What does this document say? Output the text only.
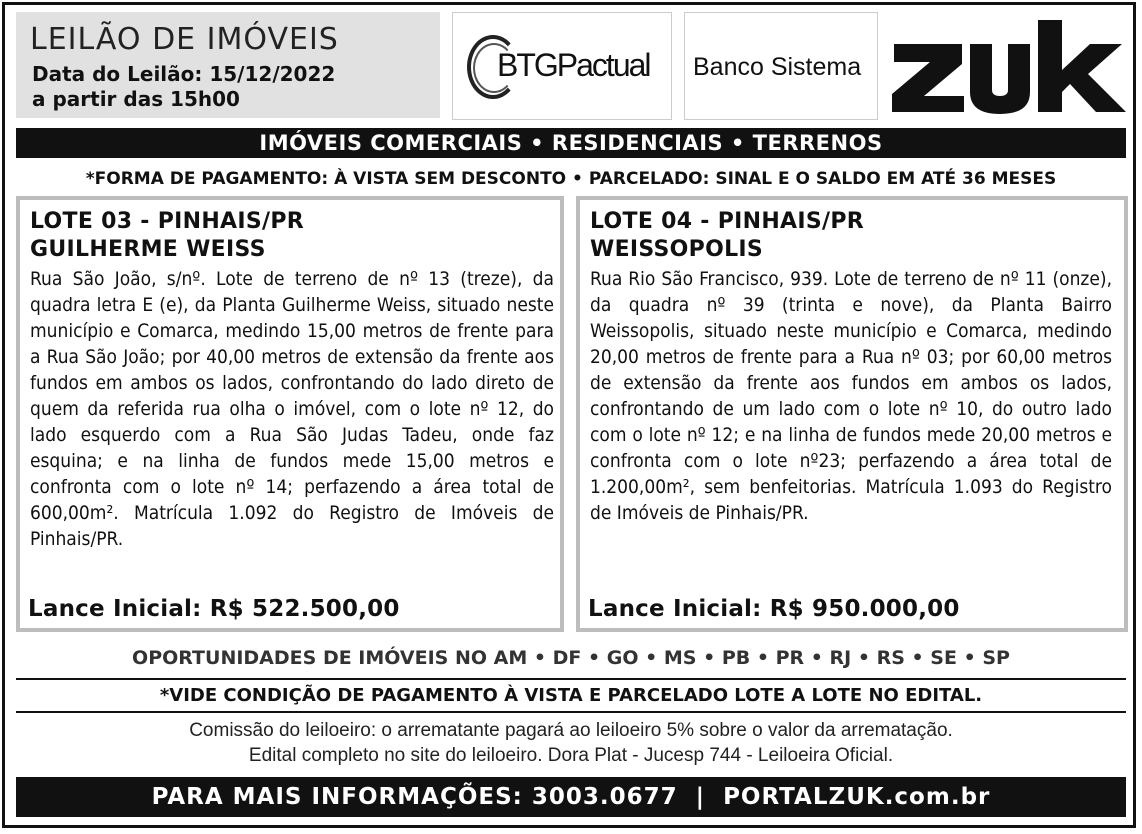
LEILÃO DE IMÓVEIS
Data do Leilão: 15/12/2022
a partir das 15h00
BTGPactual Banco Sistema
IMÓVEIS COMERCIAIS • RESIDENCIAIS • TERRENOS
*FORMA DE PAGAMENTO: À VISTA SEM DESCONTO • PARCELADO: SINAL E O SALDO EM ATÉ 36 MESES
LOTE 03 - PINHAIS/PR
GUILHERME WEISS

Rua São João, s/nº. Lote de terreno de nº 13 (treze), da quadra letra E (e), da Planta Guilherme Weiss, situado neste município e Comarca, medindo 15,00 metros de frente para a Rua São João; por 40,00 metros de extensão da frente aos fundos em ambos os lados, confrontando do lado direto de quem da referida rua olha o imóvel, com o lote nº 12, do lado esquerdo com a Rua São Judas Tadeu, onde faz esquina; e na linha de fundos mede 15,00 metros e confronta com o lote nº 14; perfazendo a área total de 600,00m². Matrícula 1.092 do Registro de Imóveis de Pinhais/PR.

Lance Inicial: R$ 522.500,00
LOTE 04 - PINHAIS/PR
WEISSOPOLIS

Rua Rio São Francisco, 939. Lote de terreno de nº 11 (onze), da quadra nº 39 (trinta e nove), da Planta Bairro Weissopolis, situado neste município e Comarca, medindo 20,00 metros de frente para a Rua nº 03; por 60,00 metros de extensão da frente aos fundos em ambos os lados, confrontando de um lado com o lote nº 10, do outro lado com o lote nº 12; e na linha de fundos mede 20,00 metros e confronta com o lote nº23; perfazendo a área total de 1.200,00m², sem benfeitorias. Matrícula 1.093 do Registro de Imóveis de Pinhais/PR.

Lance Inicial: R$ 950.000,00
OPORTUNIDADES DE IMÓVEIS NO AM • DF • GO • MS • PB • PR • RJ • RS • SE • SP
*VIDE CONDIÇÃO DE PAGAMENTO À VISTA E PARCELADO LOTE A LOTE NO EDITAL.
Comissão do leiloeiro: o arrematante pagará ao leiloeiro 5% sobre o valor da arrematação.
Edital completo no site do leiloeiro. Dora Plat - Jucesp 744 - Leiloeira Oficial.
PARA MAIS INFORMAÇÕES: 3003.0677  |  PORTALZUK.com.br
